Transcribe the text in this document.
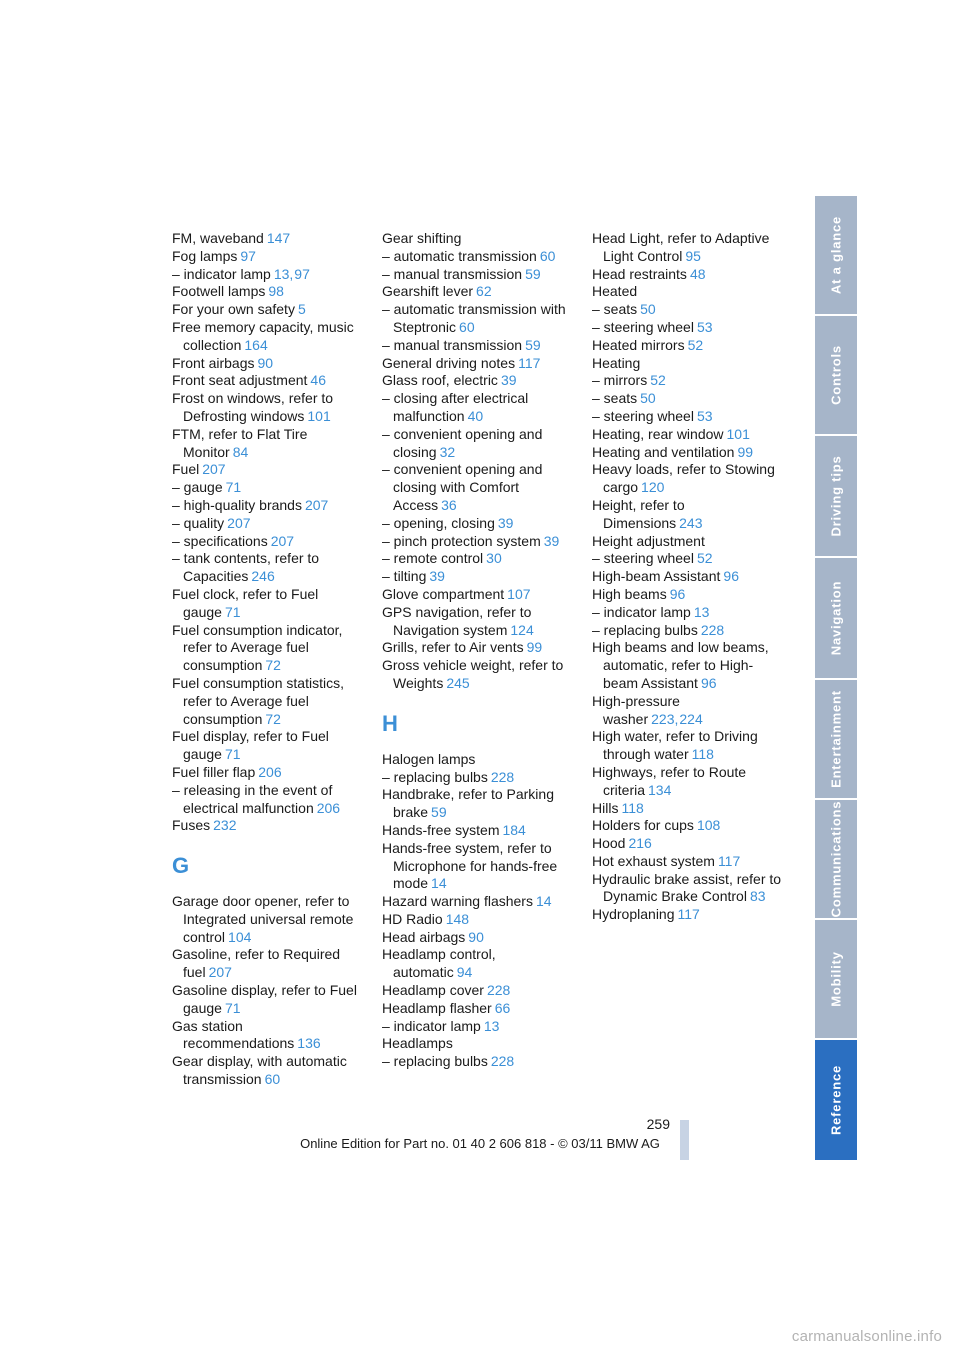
FM, waveband 147
Fog lamps 97
– indicator lamp 13,97
Footwell lamps 98
For your own safety 5
Free memory capacity, music collection 164
Front airbags 90
Front seat adjustment 46
Frost on windows, refer to Defrosting windows 101
FTM, refer to Flat Tire Monitor 84
Fuel 207
– gauge 71
– high-quality brands 207
– quality 207
– specifications 207
– tank contents, refer to Capacities 246
Fuel clock, refer to Fuel gauge 71
Fuel consumption indicator, refer to Average fuel consumption 72
Fuel consumption statistics, refer to Average fuel consumption 72
Fuel display, refer to Fuel gauge 71
Fuel filler flap 206
– releasing in the event of electrical malfunction 206
Fuses 232
G
Garage door opener, refer to Integrated universal remote control 104
Gasoline, refer to Required fuel 207
Gasoline display, refer to Fuel gauge 71
Gas station recommendations 136
Gear display, with automatic transmission 60
Gear shifting
– automatic transmission 60
– manual transmission 59
Gearshift lever 62
– automatic transmission with Steptronic 60
– manual transmission 59
General driving notes 117
Glass roof, electric 39
– closing after electrical malfunction 40
– convenient opening and closing 32
– convenient opening and closing with Comfort Access 36
– opening, closing 39
– pinch protection system 39
– remote control 30
– tilting 39
Glove compartment 107
GPS navigation, refer to Navigation system 124
Grills, refer to Air vents 99
Gross vehicle weight, refer to Weights 245
H
Halogen lamps
– replacing bulbs 228
Handbrake, refer to Parking brake 59
Hands-free system 184
Hands-free system, refer to Microphone for hands-free mode 14
Hazard warning flashers 14
HD Radio 148
Head airbags 90
Headlamp control, automatic 94
Headlamp cover 228
Headlamp flasher 66
– indicator lamp 13
Headlamps
– replacing bulbs 228
Head Light, refer to Adaptive Light Control 95
Head restraints 48
Heated
– seats 50
– steering wheel 53
Heated mirrors 52
Heating
– mirrors 52
– seats 50
– steering wheel 53
Heating, rear window 101
Heating and ventilation 99
Heavy loads, refer to Stowing cargo 120
Height, refer to Dimensions 243
Height adjustment
– steering wheel 52
High-beam Assistant 96
High beams 96
– indicator lamp 13
– replacing bulbs 228
High beams and low beams, automatic, refer to High-beam Assistant 96
High-pressure washer 223,224
High water, refer to Driving through water 118
Highways, refer to Route criteria 134
Hills 118
Holders for cups 108
Hood 216
Hot exhaust system 117
Hydraulic brake assist, refer to Dynamic Brake Control 83
Hydroplaning 117
At a glance
Controls
Driving tips
Navigation
Entertainment
Communications
Mobility
Reference
259
Online Edition for Part no. 01 40 2 606 818 - © 03/11 BMW AG
carmanualsonline.info
